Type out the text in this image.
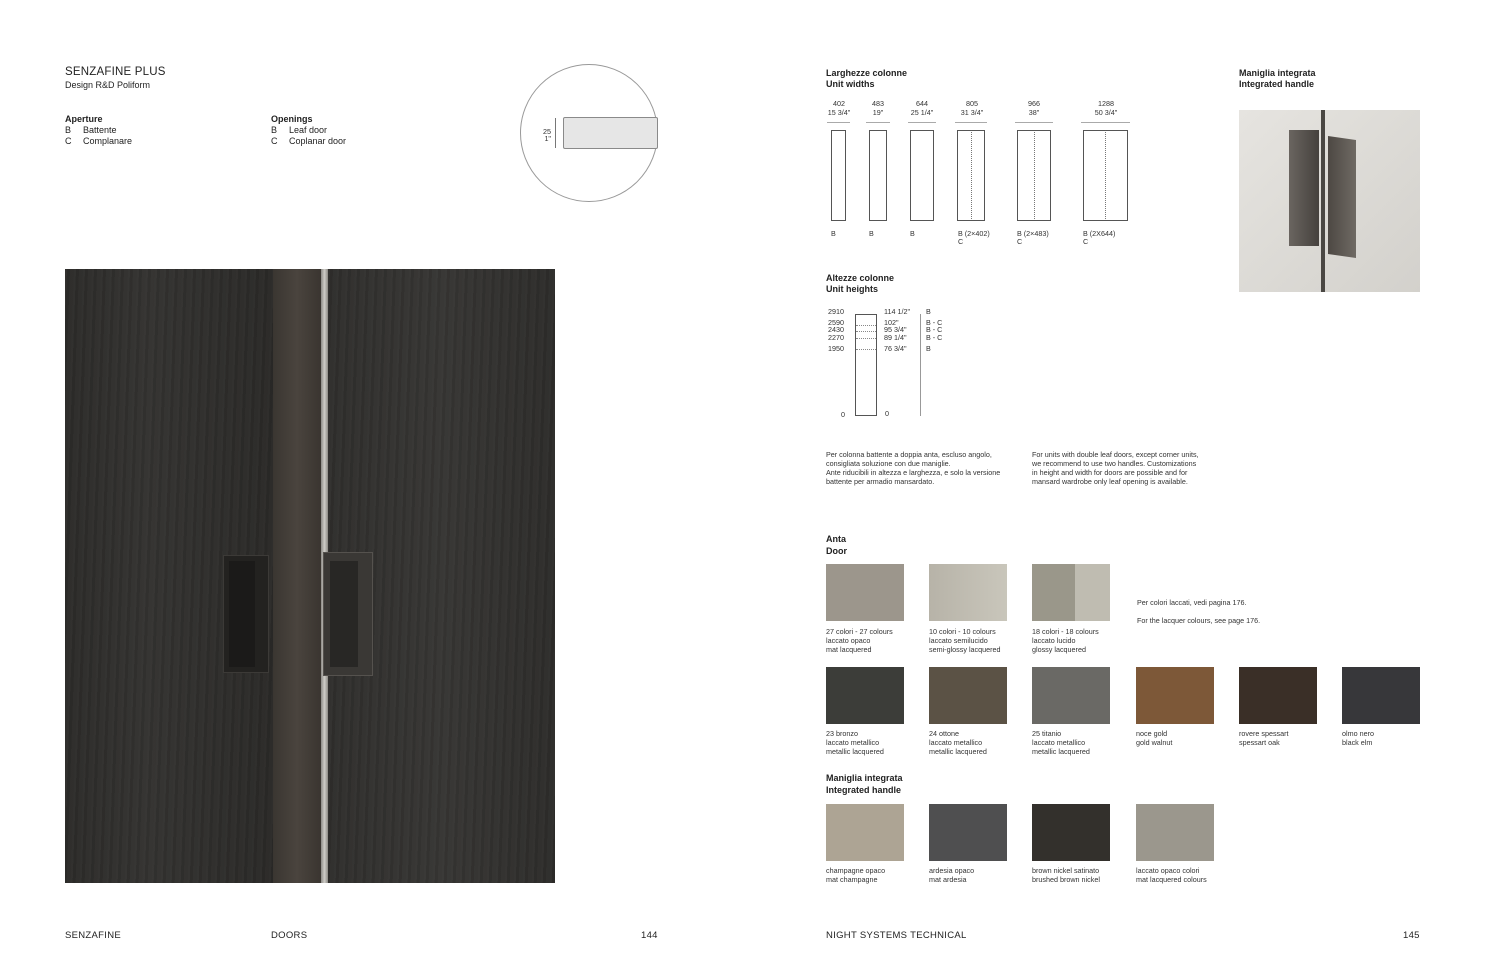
SENZAFINE PLUS
Design R&D Poliform
Aperture
B Battente
C Complanare
Openings
B Leaf door
C Coplanar door
25
1"
SENZAFINE	DOORS	144
Larghezze colonne
Unit widths
402
15 3/4"
B
483
19"
B
644
25 1/4"
B
805
31 3/4"
B (2×402)
C
966
38"
B (2×483)
C
1288
50 3/4"
B (2X644)
C
Maniglia integrata
Integrated handle
Altezze colonne
Unit heights
2910	114 1/2" B
2590	102"	B - C
2430	95 3/4"	B - C
2270	89 1/4"	B - C
1950	76 3/4"	B
0	0
Per colonna battente a doppia anta, escluso angolo,
consigliata soluzione con due maniglie.
Ante riducibili in altezza e larghezza, e solo la versione
battente per armadio mansardato.
For units with double leaf doors, except corner units,
we recommend to use two handles. Customizations
in height and width for doors are possible and for
mansard wardrobe only leaf opening is available.
Anta
Door
27 colori - 27 colours
laccato opaco
mat lacquered
10 colori - 10 colours
laccato semilucido
semi-glossy lacquered
18 colori - 18 colours
laccato lucido
glossy lacquered
Per colori laccati, vedi pagina 176.
For the lacquer colours, see page 176.
23 bronzo
laccato metallico
metallic lacquered
24 ottone
laccato metallico
metallic lacquered
25 titanio
laccato metallico
metallic lacquered
noce gold
gold walnut
rovere spessart
spessart oak
olmo nero
black elm
Maniglia integrata
Integrated handle
champagne opaco
mat champagne
ardesia opaco
mat ardesia
brown nickel satinato
brushed brown nickel
laccato opaco colori
mat lacquered colours
NIGHT SYSTEMS TECHNICAL	145
